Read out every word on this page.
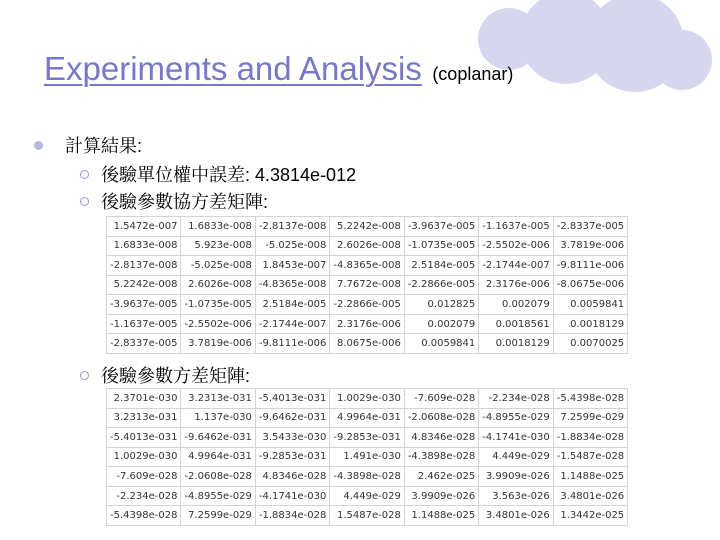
Experiments and Analysis (coplanar)
計算結果:
後驗單位權中誤差: 4.3814e-012
後驗參數協方差矩陣:
1.5472e-007	1.6833e-008	-2.8137e-008	5.2242e-008	-3.9637e-005	-1.1637e-005	-2.8337e-005
1.6833e-008	5.923e-008	-5.025e-008	2.6026e-008	-1.0735e-005	-2.5502e-006	3.7819e-006
-2.8137e-008	-5.025e-008	1.8453e-007	-4.8365e-008	2.5184e-005	-2.1744e-007	-9.8111e-006
5.2242e-008	2.6026e-008	-4.8365e-008	7.7672e-008	-2.2866e-005	2.3176e-006	-8.0675e-006
-3.9637e-005	-1.0735e-005	2.5184e-005	-2.2866e-005	0.012825	0.002079	0.0059841
-1.1637e-005	-2.5502e-006	-2.1744e-007	2.3176e-006	0.002079	0.0018561	0.0018129
-2.8337e-005	3.7819e-006	-9.8111e-006	8.0675e-006	0.0059841	0.0018129	0.0070025
後驗參數方差矩陣:
2.3701e-030	3.2313e-031	-5.4013e-031	1.0029e-030	-7.609e-028	-2.234e-028	-5.4398e-028
3.2313e-031	1.137e-030	-9.6462e-031	4.9964e-031	-2.0608e-028	-4.8955e-029	7.2599e-029
-5.4013e-031	-9.6462e-031	3.5433e-030	-9.2853e-031	4.8346e-028	-4.1741e-030	-1.8834e-028
1.0029e-030	4.9964e-031	-9.2853e-031	1.491e-030	-4.3898e-028	4.449e-029	-1.5487e-028
-7.609e-028	-2.0608e-028	4.8346e-028	-4.3898e-028	2.462e-025	3.9909e-026	1.1488e-025
-2.234e-028	-4.8955e-029	-4.1741e-030	4.449e-029	3.9909e-026	3.563e-026	3.4801e-026
-5.4398e-028	7.2599e-029	-1.8834e-028	1.5487e-028	1.1488e-025	3.4801e-026	1.3442e-025
